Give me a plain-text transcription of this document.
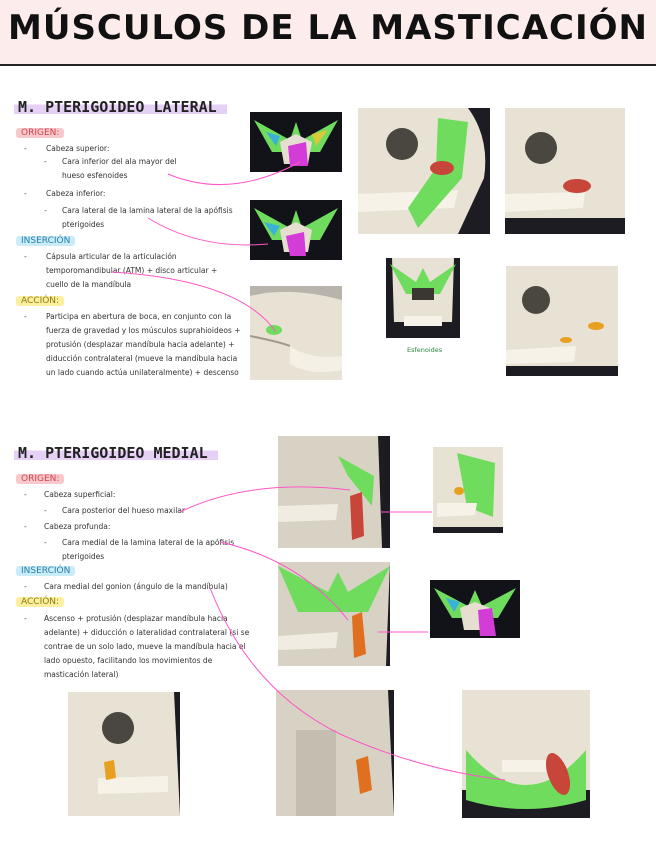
MÚSCULOS DE LA MASTICACIÓN
M. PTERIGOIDEO LATERAL
ORIGEN:
-	Cabeza superior:
- Cara inferior del ala mayor del
hueso esfenoides
-	Cabeza inferior:
- Cara lateral de la lamina lateral de la apófisis
pterigoides
INSERCIÓN
-	Cápsula articular de la articulación
temporomandibular (ATM) + disco articular +
cuello de la mandíbula
ACCIÓN:
-	Participa en abertura de boca, en conjunto con la
fuerza de gravedad y los músculos suprahioideos +
protusión (desplazar mandíbula hacia adelante) +
diducción contralateral (mueve la mandíbula hacia
un lado cuando actúa unilateralmente) + descenso
Esfenoides
M. PTERIGOIDEO MEDIAL
ORIGEN:
- Cabeza superficial:
- Cara posterior del hueso maxilar
- Cabeza profunda:
- Cara medial de la lamina lateral de la apófisis
pterigoides
INSERCIÓN
- Cara medial del gonion (ángulo de la mandíbula)
ACCIÓN:
- Ascenso + protusión (desplazar mandíbula hacia
adelante) + diducción o lateralidad contralateral (si se
contrae de un solo lado, mueve la mandíbula hacia el
lado opuesto, facilitando los movimientos de
masticación lateral)
